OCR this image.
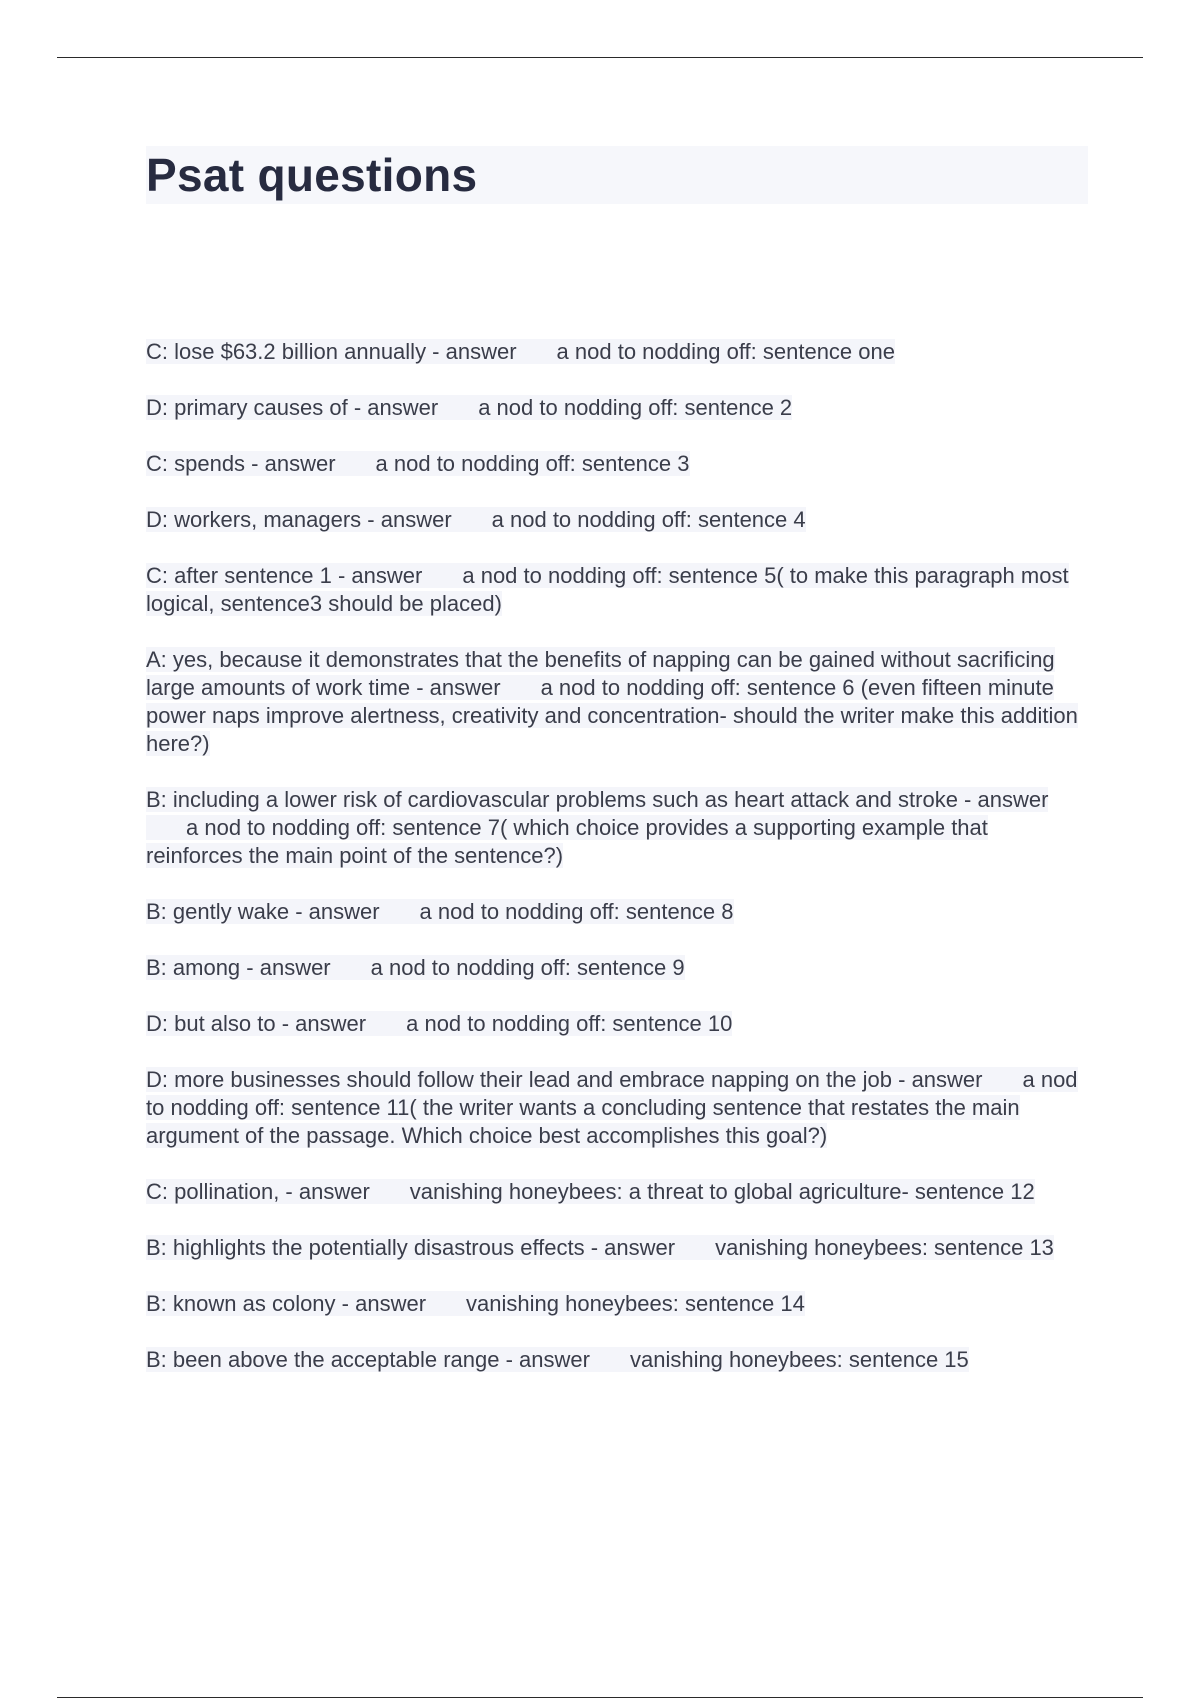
Psat questions

C: lose $63.2 billion annually - answer a nod to nodding off: sentence one

D: primary causes of - answer a nod to nodding off: sentence 2

C: spends - answer a nod to nodding off: sentence 3

D: workers, managers - answer a nod to nodding off: sentence 4

C: after sentence 1 - answer a nod to nodding off: sentence 5( to make this paragraph most logical, sentence3 should be placed)

A: yes, because it demonstrates that the benefits of napping can be gained without sacrificing large amounts of work time - answer a nod to nodding off: sentence 6 (even fifteen minute power naps improve alertness, creativity and concentration- should the writer make this addition here?)

B: including a lower risk of cardiovascular problems such as heart attack and stroke - answera nod to nodding off: sentence 7( which choice provides a supporting example that reinforces the main point of the sentence?)

B: gently wake - answer a nod to nodding off: sentence 8

B: among - answer a nod to nodding off: sentence 9

D: but also to - answer a nod to nodding off: sentence 10

D: more businesses should follow their lead and embrace napping on the job - answer a nod to nodding off: sentence 11( the writer wants a concluding sentence that restates the main argument of the passage. Which choice best accomplishes this goal?)

C: pollination, - answer vanishing honeybees: a threat to global agriculture- sentence 12

B: highlights the potentially disastrous effects - answer vanishing honeybees: sentence 13

B: known as colony - answer vanishing honeybees: sentence 14

B: been above the acceptable range - answer vanishing honeybees: sentence 15
